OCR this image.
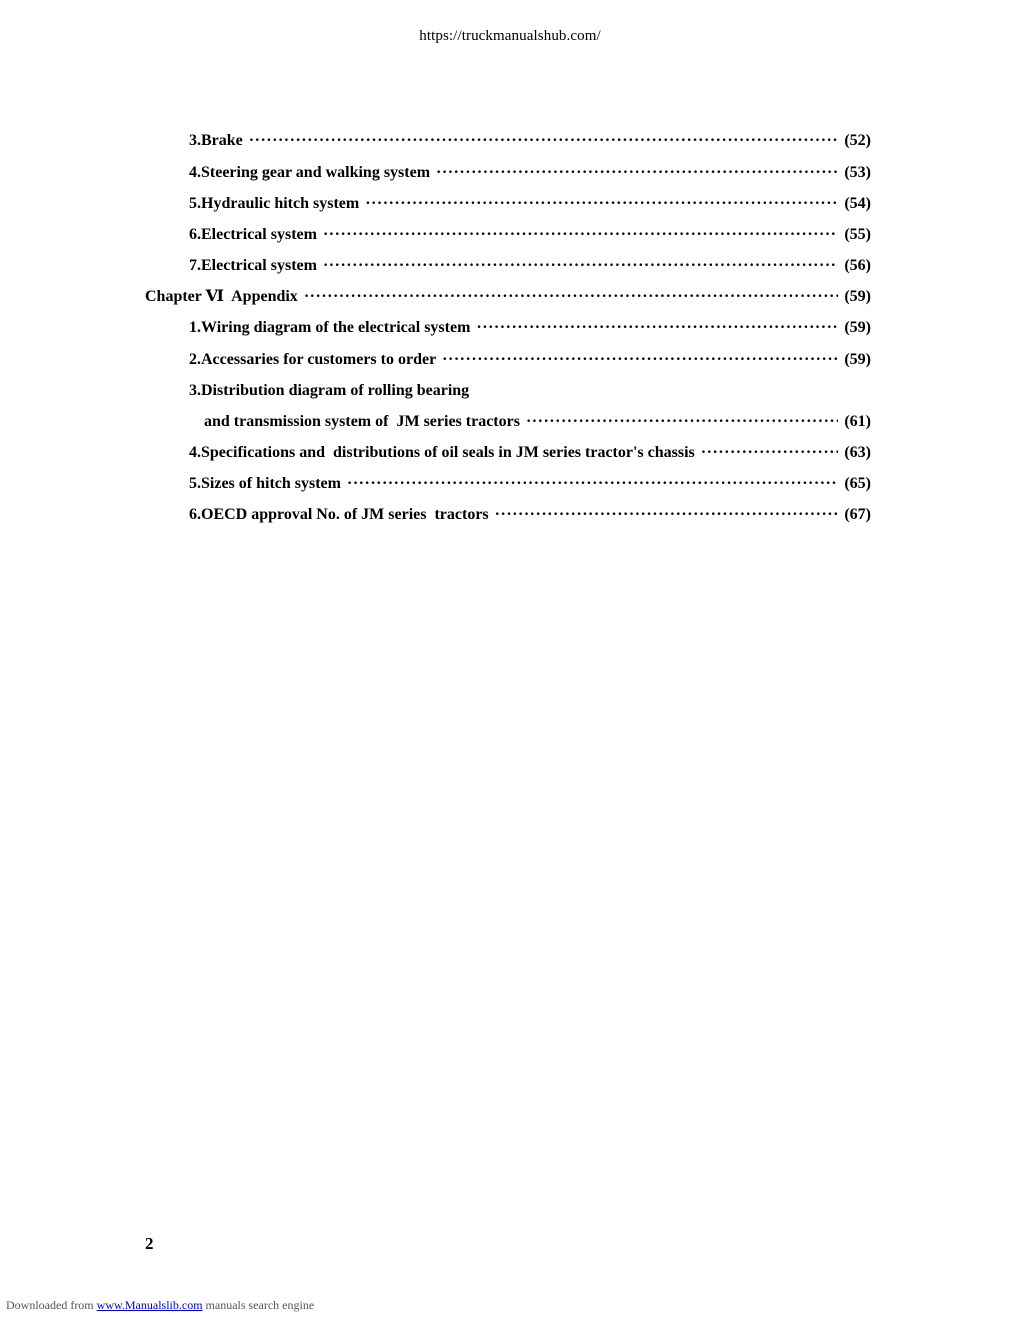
https://truckmanualshub.com/
3.Brake ·····	(52)
4.Steering gear and walking system ·····	(53)
5.Hydraulic hitch system ·····	(54)
6.Electrical system ·····	(55)
7.Electrical system ·····	(56)
Chapter Ⅵ  Appendix ·····	(59)
1.Wiring diagram of the electrical system ·····	(59)
2.Accessaries for customers to order ·····	(59)
3.Distribution diagram of rolling bearing
and transmission system of  JM series tractors ·····	(61)
4.Specifications and  distributions of oil seals in JM series tractor's chassis ·····	(63)
5.Sizes of hitch system ·····	(65)
6.OECD approval No. of JM series  tractors ·····	(67)
2
Downloaded from www.Manualslib.com manuals search engine
